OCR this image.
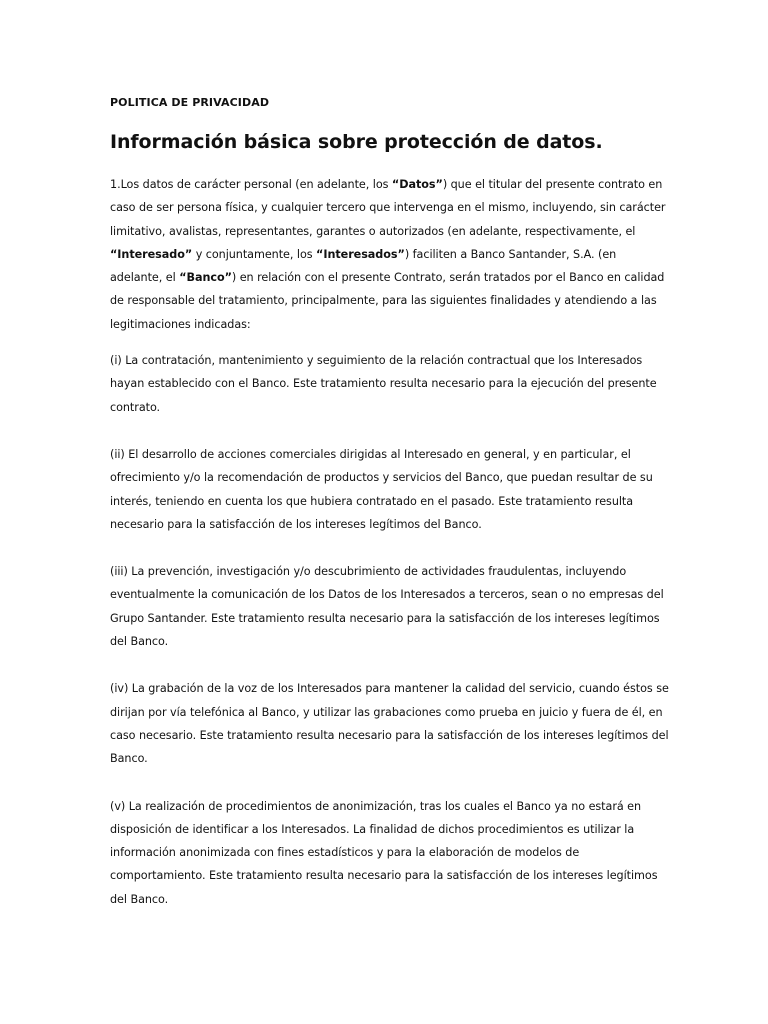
POLITICA DE PRIVACIDAD

Información básica sobre protección de datos.

1.Los datos de carácter personal (en adelante, los “Datos”) que el titular del presente contrato en caso de ser persona física, y cualquier tercero que intervenga en el mismo, incluyendo, sin carácter limitativo, avalistas, representantes, garantes o autorizados (en adelante, respectivamente, el “Interesado” y conjuntamente, los “Interesados”) faciliten a Banco Santander, S.A. (en adelante, el “Banco”) en relación con el presente Contrato, serán tratados por el Banco en calidad de responsable del tratamiento, principalmente, para las siguientes finalidades y atendiendo a las legitimaciones indicadas:

(i) La contratación, mantenimiento y seguimiento de la relación contractual que los Interesados hayan establecido con el Banco. Este tratamiento resulta necesario para la ejecución del presente contrato.

(ii) El desarrollo de acciones comerciales dirigidas al Interesado en general, y en particular, el ofrecimiento y/o la recomendación de productos y servicios del Banco, que puedan resultar de su interés, teniendo en cuenta los que hubiera contratado en el pasado. Este tratamiento resulta necesario para la satisfacción de los intereses legítimos del Banco.

(iii) La prevención, investigación y/o descubrimiento de actividades fraudulentas, incluyendo eventualmente la comunicación de los Datos de los Interesados a terceros, sean o no empresas del Grupo Santander. Este tratamiento resulta necesario para la satisfacción de los intereses legítimos del Banco.

(iv) La grabación de la voz de los Interesados para mantener la calidad del servicio, cuando éstos se dirijan por vía telefónica al Banco, y utilizar las grabaciones como prueba en juicio y fuera de él, en caso necesario. Este tratamiento resulta necesario para la satisfacción de los intereses legítimos del Banco.

(v) La realización de procedimientos de anonimización, tras los cuales el Banco ya no estará en disposición de identificar a los Interesados. La finalidad de dichos procedimientos es utilizar la información anonimizada con fines estadísticos y para la elaboración de modelos de comportamiento. Este tratamiento resulta necesario para la satisfacción de los intereses legítimos del Banco.
